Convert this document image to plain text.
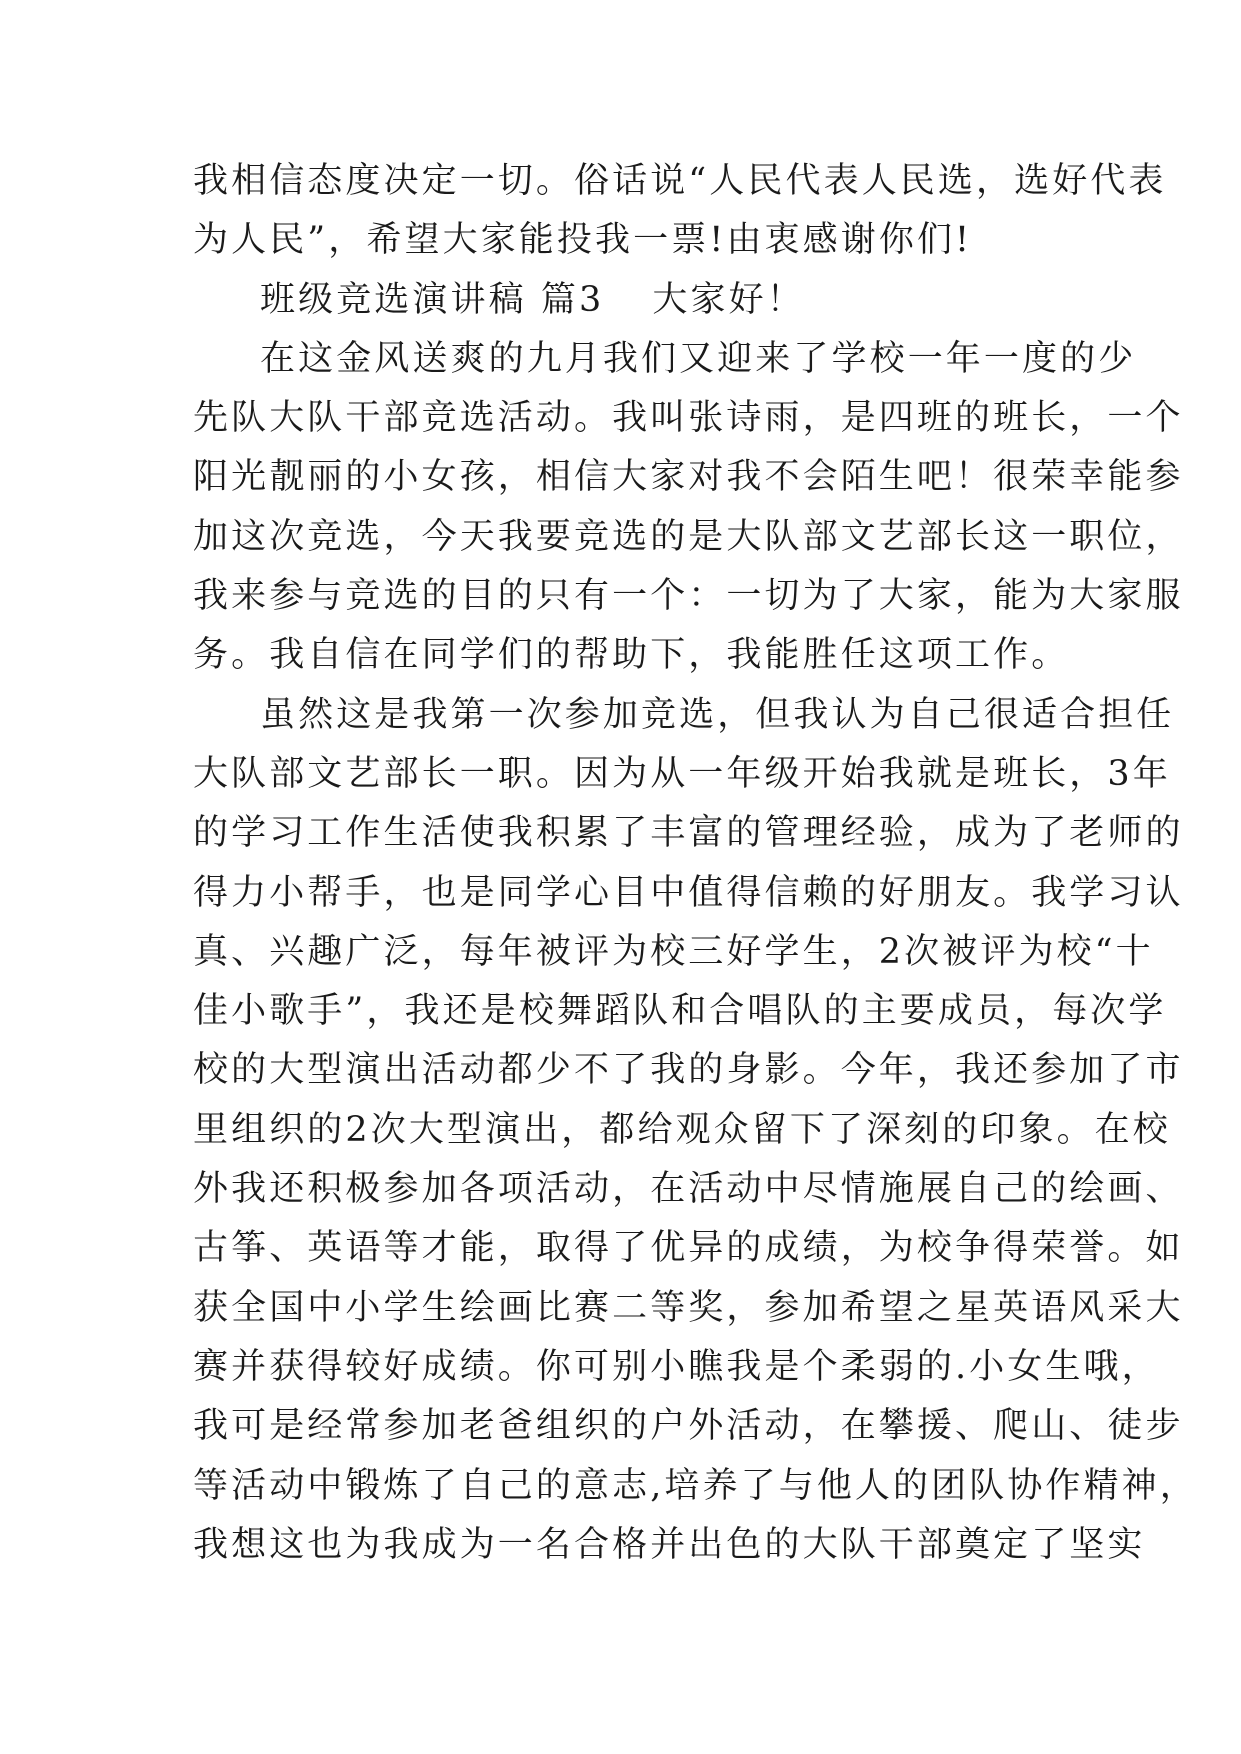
我相信态度决定一切。俗话说“人民代表人民选，选好代表
为人民”，希望大家能投我一票!由衷感谢你们!
班级竞选演讲稿 篇3 大家好！
在这金风送爽的九月我们又迎来了学校一年一度的少
先队大队干部竞选活动。我叫张诗雨，是四班的班长，一个
阳光靓丽的小女孩，相信大家对我不会陌生吧！很荣幸能参
加这次竞选，今天我要竞选的是大队部文艺部长这一职位，
我来参与竞选的目的只有一个：一切为了大家，能为大家服
务。我自信在同学们的帮助下，我能胜任这项工作。
虽然这是我第一次参加竞选，但我认为自己很适合担任
大队部文艺部长一职。因为从一年级开始我就是班长，3年
的学习工作生活使我积累了丰富的管理经验，成为了老师的
得力小帮手，也是同学心目中值得信赖的好朋友。我学习认
真、兴趣广泛，每年被评为校三好学生，2次被评为校“十
佳小歌手”，我还是校舞蹈队和合唱队的主要成员，每次学
校的大型演出活动都少不了我的身影。今年，我还参加了市
里组织的2次大型演出，都给观众留下了深刻的印象。在校
外我还积极参加各项活动，在活动中尽情施展自己的绘画、
古筝、英语等才能，取得了优异的成绩，为校争得荣誉。如
获全国中小学生绘画比赛二等奖，参加希望之星英语风采大
赛并获得较好成绩。你可别小瞧我是个柔弱的.小女生哦，
我可是经常参加老爸组织的户外活动，在攀援、爬山、徒步
等活动中锻炼了自己的意志,培养了与他人的团队协作精神，
我想这也为我成为一名合格并出色的大队干部奠定了坚实
